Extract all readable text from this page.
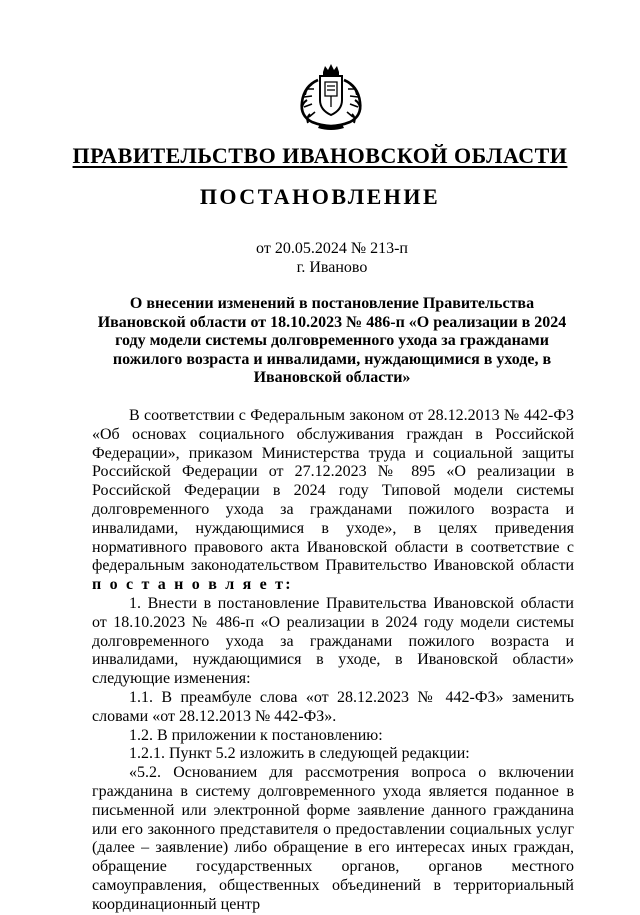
ПРАВИТЕЛЬСТВО ИВАНОВСКОЙ ОБЛАСТИ
ПОСТАНОВЛЕНИЕ
от 20.05.2024 № 213-п
г. Иваново
О внесении изменений в постановление Правительства Ивановской области от 18.10.2023 № 486-п «О реализации в 2024 году модели системы долговременного ухода за гражданами пожилого возраста и инвалидами, нуждающимися в уходе, в Ивановской области»

В соответствии с Федеральным законом от 28.12.2013 № 442-ФЗ «Об основах социального обслуживания граждан в Российской Федерации», приказом Министерства труда и социальной защиты Российской Федерации от 27.12.2023 № 895 «О реализации в Российской Федерации в 2024 году Типовой модели системы долговременного ухода за гражданами пожилого возраста и инвалидами, нуждающимися в уходе», в целях приведения нормативного правового акта Ивановской области в соответствие с федеральным законодательством Правительство Ивановской области п о с т а н о в л я е т:

1. Внести в постановление Правительства Ивановской области от 18.10.2023 № 486-п «О реализации в 2024 году модели системы долговременного ухода за гражданами пожилого возраста и инвалидами, нуждающимися в уходе, в Ивановской области» следующие изменения:

1.1. В преамбуле слова «от 28.12.2023 № 442-ФЗ» заменить словами «от 28.12.2013 № 442-ФЗ».

1.2. В приложении к постановлению:

1.2.1. Пункт 5.2 изложить в следующей редакции:

«5.2. Основанием для рассмотрения вопроса о включении гражданина в систему долговременного ухода является поданное в письменной или электронной форме заявление данного гражданина или его законного представителя о предоставлении социальных услуг (далее – заявление) либо обращение в его интересах иных граждан, обращение государственных органов, органов местного самоуправления, общественных объединений в территориальный координационный центр
